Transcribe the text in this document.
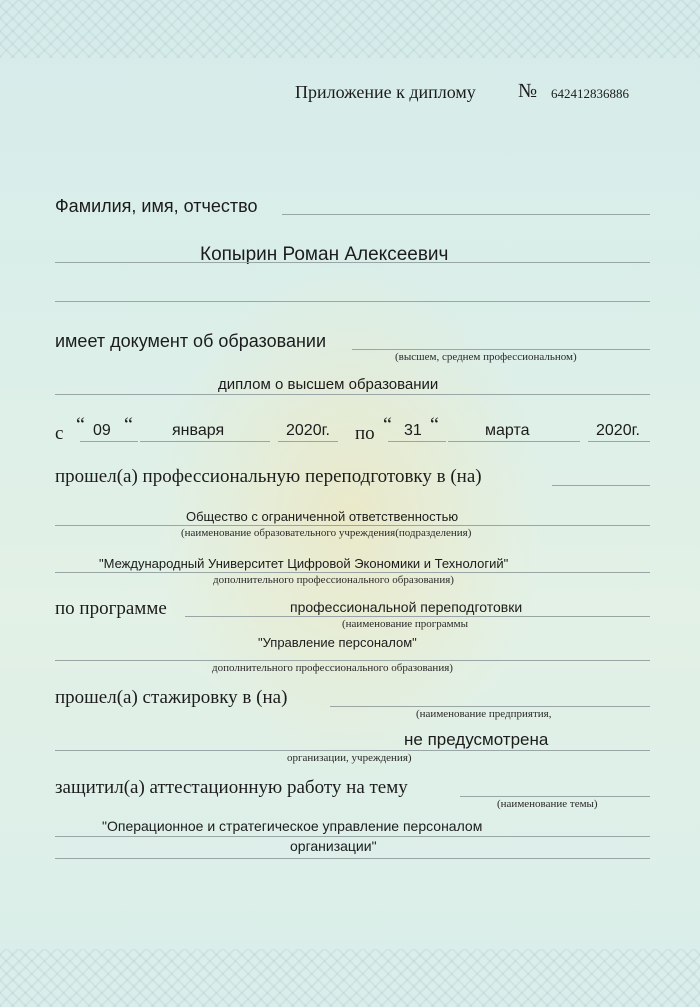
Приложение к диплому № 642412836886
Фамилия, имя, отчество
Копырин Роман Алексеевич
имеет документ об образовании
(высшем, среднем профессиональном)
диплом о высшем образовании
с “ 09 “ января	2020г. по “ 31 “	марта	2020г.
прошел(а) профессиональную переподготовку в (на)
Общество с ограниченной ответственностью
(наименование образовательного учреждения(подразделения)
"Международный Университет Цифровой Экономики и Технологий"
дополнительного профессионального образования)
по программе	профессиональной переподготовки
(наименование программы
"Управление персоналом"
дополнительного профессионального образования)
прошел(а) стажировку в (на)
(наименование предприятия,
не предусмотрена
организации, учреждения)
защитил(а) аттестационную работу на тему
(наименование темы)
"Операционное и стратегическое управление персоналом
организации"
